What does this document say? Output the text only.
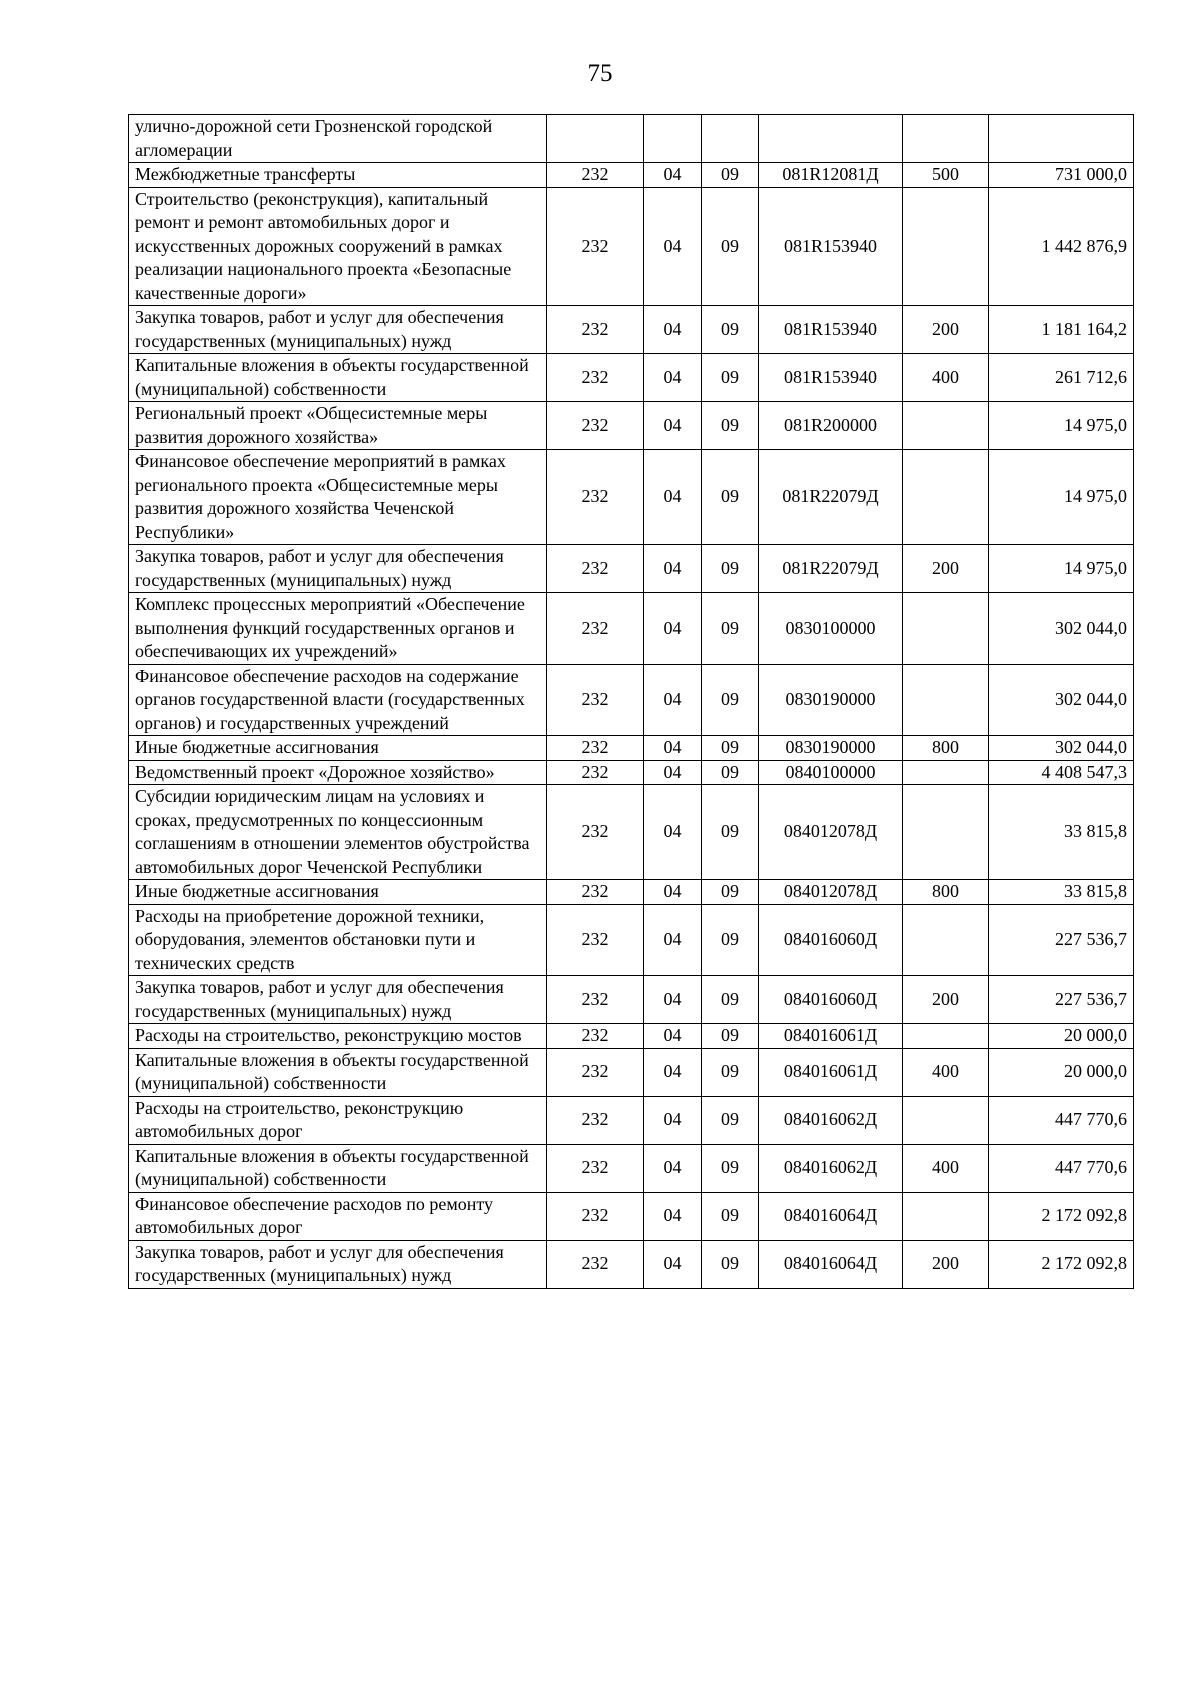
75
улично-дорожной сети Грозненской городской агломерации						
Межбюджетные трансферты	232	04	09	081R12081Д	500	731 000,0
Строительство (реконструкция), капитальный ремонт и ремонт автомобильных дорог и искусственных дорожных сооружений в рамках реализации национального проекта «Безопасные качественные дороги»	232	04	09	081R153940		1 442 876,9
Закупка товаров, работ и услуг для обеспечения государственных (муниципальных) нужд	232	04	09	081R153940	200	1 181 164,2
Капитальные вложения в объекты государственной (муниципальной) собственности	232	04	09	081R153940	400	261 712,6
Региональный проект «Общесистемные меры развития дорожного хозяйства»	232	04	09	081R200000		14 975,0
Финансовое обеспечение мероприятий в рамках регионального проекта «Общесистемные меры развития дорожного хозяйства Чеченской Республики»	232	04	09	081R22079Д		14 975,0
Закупка товаров, работ и услуг для обеспечения государственных (муниципальных) нужд	232	04	09	081R22079Д	200	14 975,0
Комплекс процессных мероприятий «Обеспечение выполнения функций государственных органов и обеспечивающих их учреждений»	232	04	09	0830100000		302 044,0
Финансовое обеспечение расходов на содержание органов государственной власти (государственных органов) и государственных учреждений	232	04	09	0830190000		302 044,0
Иные бюджетные ассигнования	232	04	09	0830190000	800	302 044,0
Ведомственный проект «Дорожное хозяйство»	232	04	09	0840100000		4 408 547,3
Субсидии юридическим лицам на условиях и сроках, предусмотренных по концессионным соглашениям в отношении элементов обустройства автомобильных дорог Чеченской Республики	232	04	09	084012078Д		33 815,8
Иные бюджетные ассигнования	232	04	09	084012078Д	800	33 815,8
Расходы на приобретение дорожной техники, оборудования, элементов обстановки пути и технических средств	232	04	09	084016060Д		227 536,7
Закупка товаров, работ и услуг для обеспечения государственных (муниципальных) нужд	232	04	09	084016060Д	200	227 536,7
Расходы на строительство, реконструкцию мостов	232	04	09	084016061Д		20 000,0
Капитальные вложения в объекты государственной (муниципальной) собственности	232	04	09	084016061Д	400	20 000,0
Расходы на строительство, реконструкцию автомобильных дорог	232	04	09	084016062Д		447 770,6
Капитальные вложения в объекты государственной (муниципальной) собственности	232	04	09	084016062Д	400	447 770,6
Финансовое обеспечение расходов по ремонту автомобильных дорог	232	04	09	084016064Д		2 172 092,8
Закупка товаров, работ и услуг для обеспечения государственных (муниципальных) нужд	232	04	09	084016064Д	200	2 172 092,8
